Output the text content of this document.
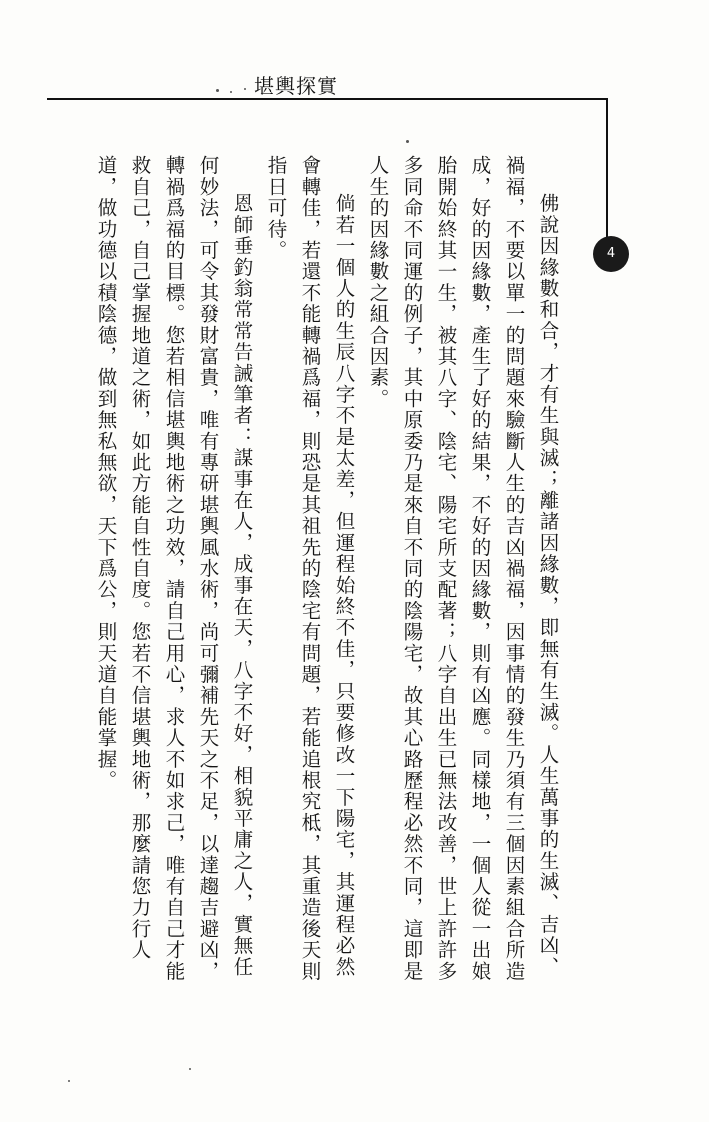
堪輿探實
4
佛說因緣數和合，才有生與滅；離諸因緣數，即無有生滅。人生萬事的生滅、吉凶、
禍福，不要以單一的問題來驗斷人生的吉凶禍福，因事情的發生乃須有三個因素組合所造
成，好的因緣數，產生了好的結果，不好的因緣數，則有凶應。同樣地，一個人從一出娘
胎開始終其一生，被其八字、陰宅、陽宅所支配著；八字自出生已無法改善，世上許許多
多同命不同運的例子，其中原委乃是來自不同的陰陽宅，故其心路歷程必然不同，這即是
人生的因緣數之組合因素。
倘若一個人的生辰八字不是太差，但運程始終不佳，只要修改一下陽宅，其運程必然
會轉佳，若還不能轉禍爲福，則恐是其祖先的陰宅有問題，若能追根究柢，其重造後天則
指日可待。
恩師垂釣翁常常告誡筆者：謀事在人，成事在天，八字不好，相貌平庸之人，實無任
何妙法，可令其發財富貴，唯有專研堪輿風水術，尚可彌補先天之不足，以達趨吉避凶，
轉禍爲福的目標。您若相信堪輿地術之功效，請自己用心，求人不如求己，唯有自己才能
救自己，自己掌握地道之術，如此方能自性自度。您若不信堪輿地術，那麼請您力行人
道，做功德以積陰德，做到無私無欲，天下爲公，則天道自能掌握。
